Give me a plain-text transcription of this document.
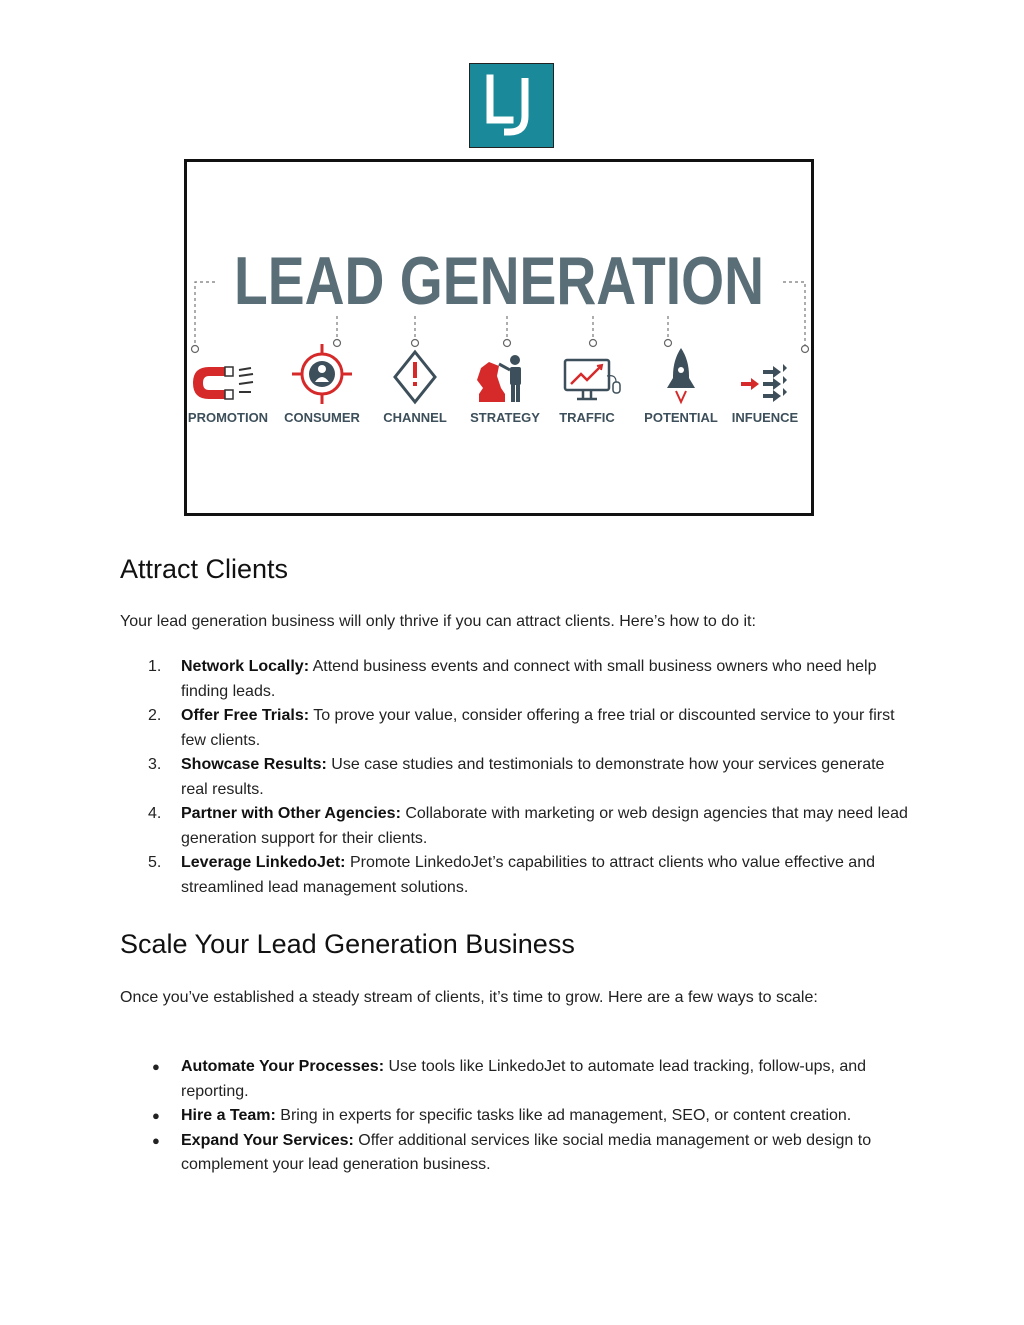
LJ
LEAD GENERATION
PROMOTION CONSUMER CHANNEL STRATEGY TRAFFIC POTENTIAL INFUENCE
Attract Clients

Your lead generation business will only thrive if you can attract clients. Here’s how to do it:

1.	Network Locally: Attend business events and connect with small business owners who need help finding leads.
2.	Offer Free Trials: To prove your value, consider offering a free trial or discounted service to your first few clients.
3.	Showcase Results: Use case studies and testimonials to demonstrate how your services generate real results.
4.	Partner with Other Agencies: Collaborate with marketing or web design agencies that may need lead generation support for their clients.
5.	Leverage LinkedoJet: Promote LinkedoJet’s capabilities to attract clients who value effective and streamlined lead management solutions.
Scale Your Lead Generation Business

Once you’ve established a steady stream of clients, it’s time to grow. Here are a few ways to scale:

●	Automate Your Processes: Use tools like LinkedoJet to automate lead tracking, follow-ups, and reporting.
●	Hire a Team: Bring in experts for specific tasks like ad management, SEO, or content creation.
●	Expand Your Services: Offer additional services like social media management or web design to complement your lead generation business.
